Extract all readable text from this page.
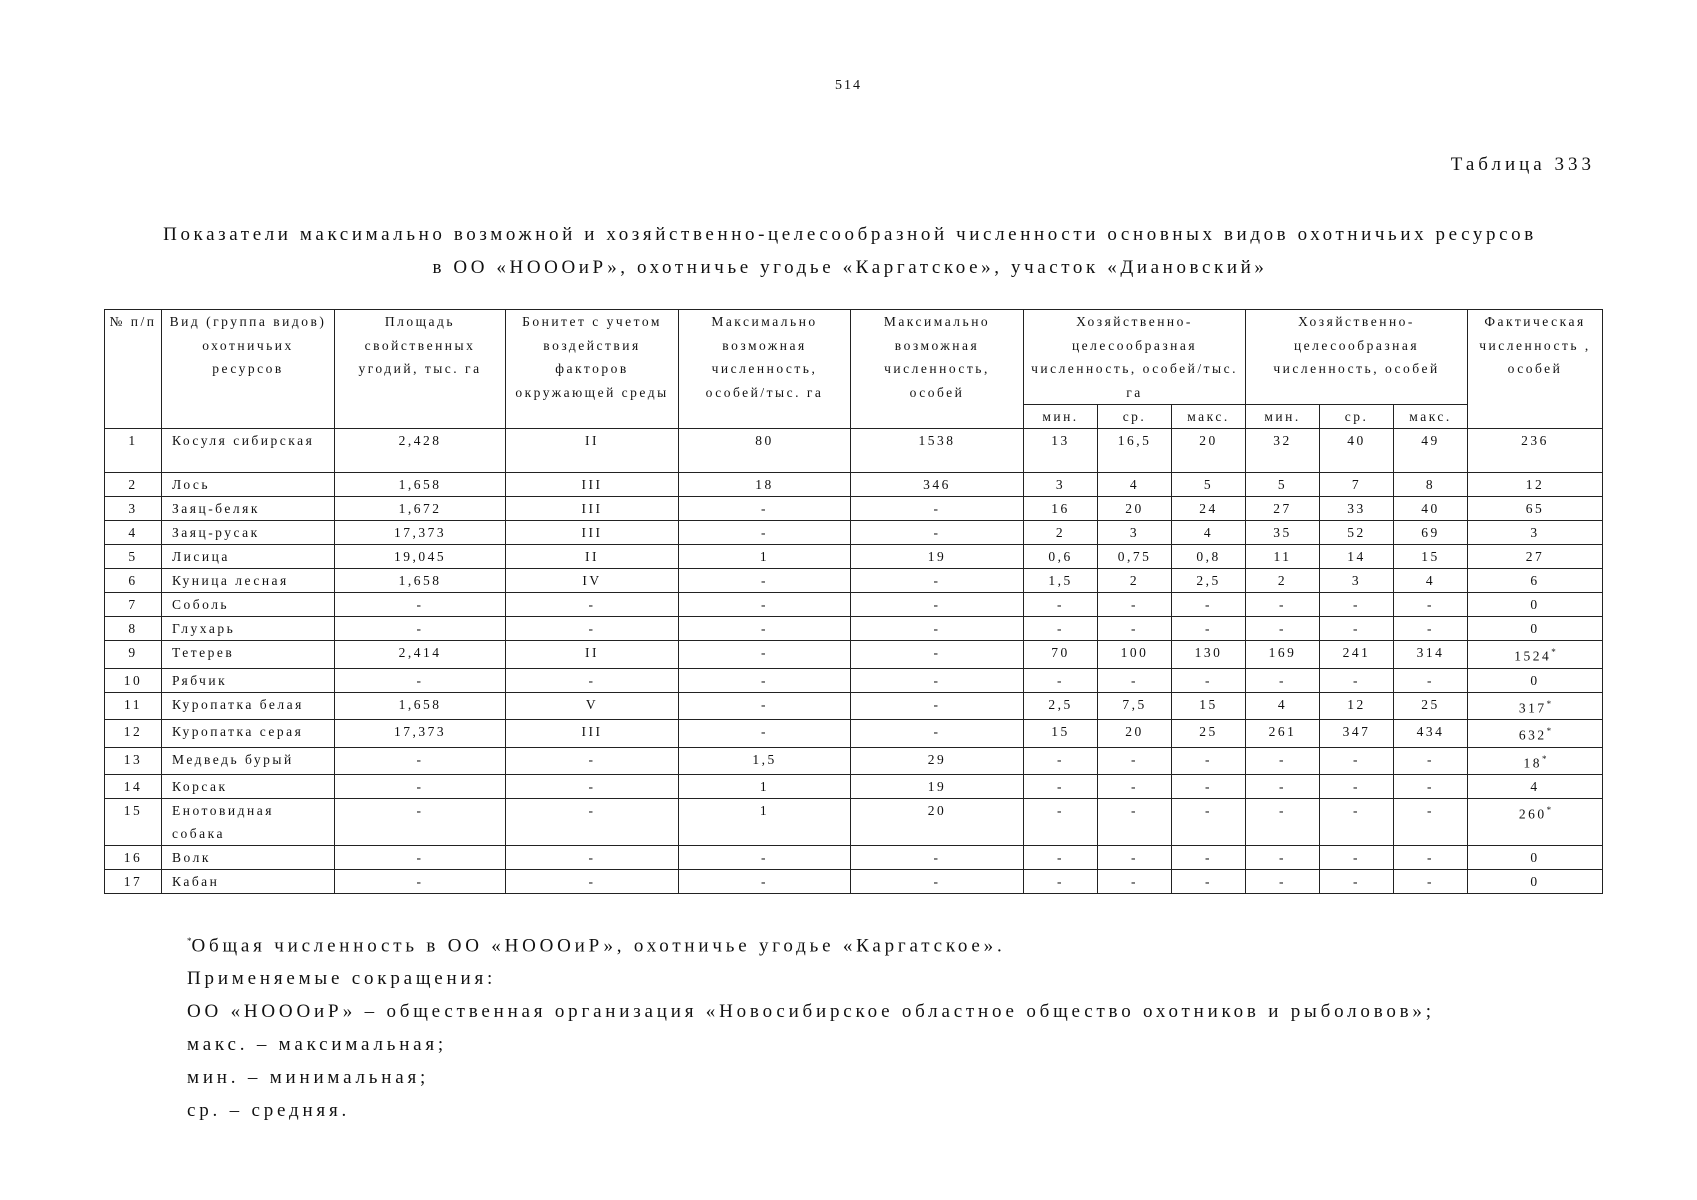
514
Таблица 333
Показатели максимально возможной и хозяйственно-целесообразной численности основных видов охотничьих ресурсов
в ОО «НОООиР», охотничье угодье «Каргатское», участок «Диановский»
№ п/п	Вид (группа видов) охотничьих ресурсов	Площадь свойственных угодий, тыс. га	Бонитет с учетом воздействия факторов окружающей среды	Максимально возможная численность, особей/тыс. га	Максимально возможная численность, особей	Хозяйственно-целесообразная численность, особей/тыс. га			Хозяйственно-целесообразная численность, особей			Фактическая численность , особей
						мин.	ср.	макс.	мин.	ср.	макс.	
1	Косуля сибирская	2,428	II	80	1538	13	16,5	20	32	40	49	236
2	Лось	1,658	III	18	346	3	4	5	5	7	8	12
3	Заяц-беляк	1,672	III	-	-	16	20	24	27	33	40	65
4	Заяц-русак	17,373	III	-	-	2	3	4	35	52	69	3
5	Лисица	19,045	II	1	19	0,6	0,75	0,8	11	14	15	27
6	Куница лесная	1,658	IV	-	-	1,5	2	2,5	2	3	4	6
7	Соболь	-	-	-	-	-	-	-	-	-	-	0
8	Глухарь	-	-	-	-	-	-	-	-	-	-	0
9	Тетерев	2,414	II	-	-	70	100	130	169	241	314	1524*
10	Рябчик	-	-	-	-	-	-	-	-	-	-	0
11	Куропатка белая	1,658	V	-	-	2,5	7,5	15	4	12	25	317*
12	Куропатка серая	17,373	III	-	-	15	20	25	261	347	434	632*
13	Медведь бурый	-	-	1,5	29	-	-	-	-	-	-	18*
14	Корсак	-	-	1	19	-	-	-	-	-	-	4
15	Енотовидная собака	-	-	1	20	-	-	-	-	-	-	260*
16	Волк	-	-	-	-	-	-	-	-	-	-	0
17	Кабан	-	-	-	-	-	-	-	-	-	-	0
*Общая численность в ОО «НОООиР», охотничье угодье «Каргатское».
Применяемые сокращения:
ОО «НОООиР» – общественная организация «Новосибирское областное общество охотников и рыболовов»;
макс. – максимальная;
мин. – минимальная;
ср. – средняя.
